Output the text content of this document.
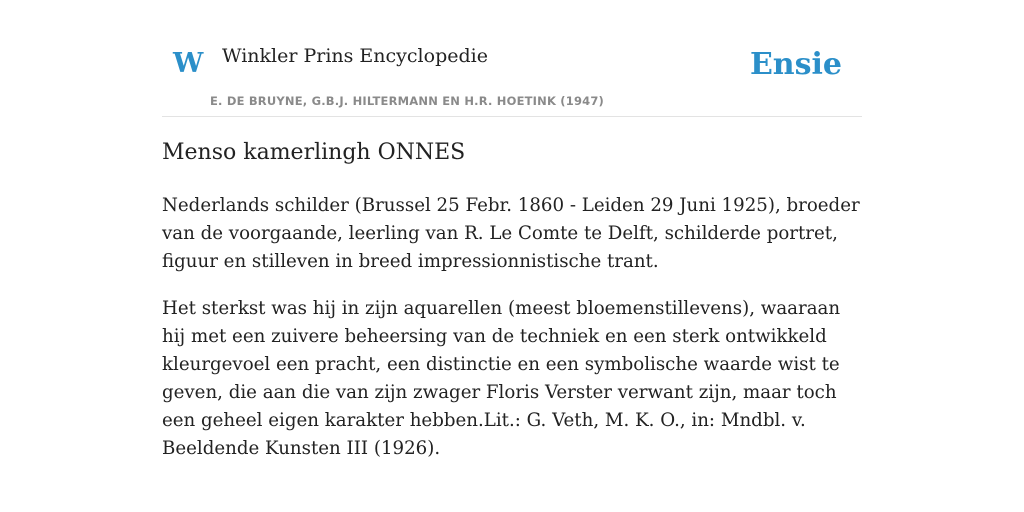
W Winkler Prins Encyclopedie
E. DE BRUYNE, G.B.J. HILTERMANN EN H.R. HOETINK (1947)
Ensie
Menso kamerlingh ONNES

Nederlands schilder (Brussel 25 Febr. 1860 - Leiden 29 Juni 1925), broeder van de voorgaande, leerling van R. Le Comte te Delft, schilderde portret, figuur en stilleven in breed impressionnistische trant.

Het sterkst was hij in zijn aquarellen (meest bloemenstillevens), waaraan hij met een zuivere beheersing van de techniek en een sterk ontwikkeld kleurgevoel een pracht, een distinctie en een symbolische waarde wist te geven, die aan die van zijn zwager Floris Verster verwant zijn, maar toch een geheel eigen karakter hebben.Lit.: G. Veth, M. K. O., in: Mndbl. v. Beeldende Kunsten III (1926).
